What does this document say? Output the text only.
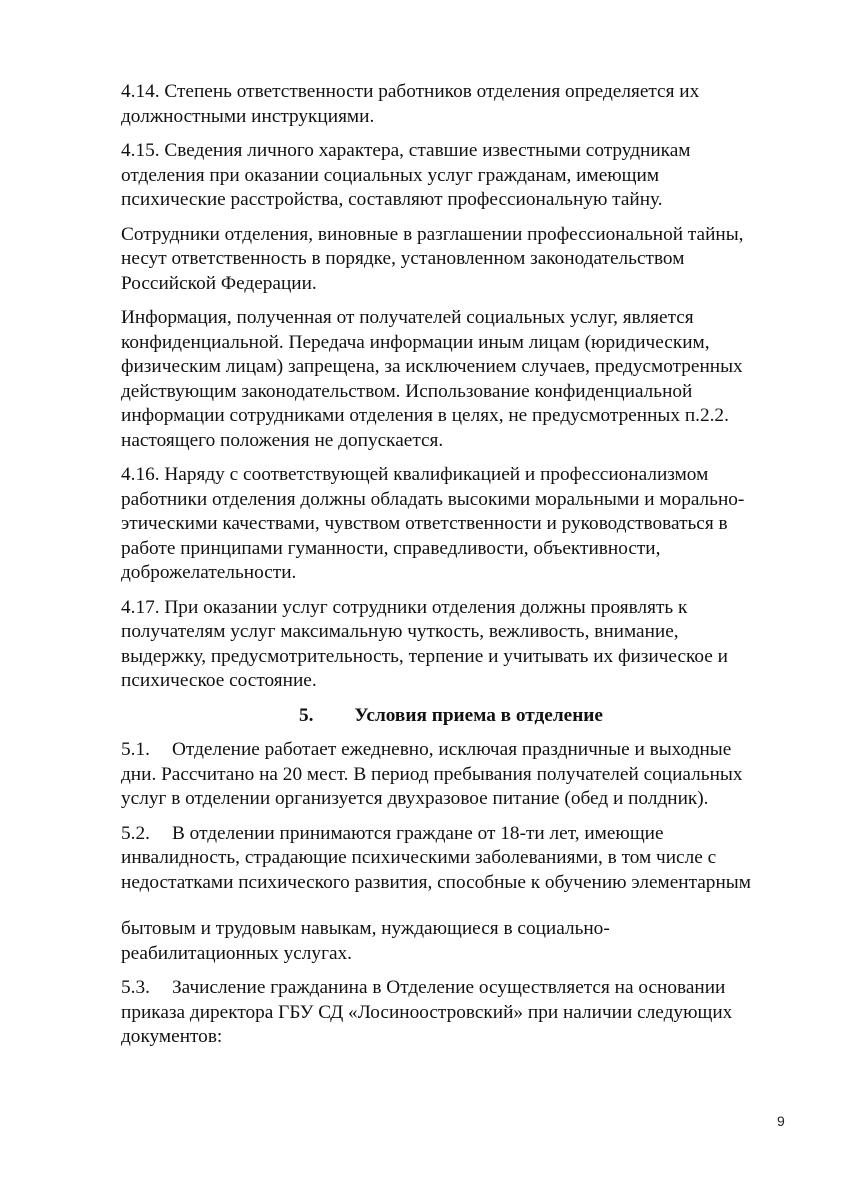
4.14. Степень ответственности работников отделения определяется их
должностными инструкциями.

4.15. Сведения личного характера, ставшие известными сотрудникам
отделения при оказании социальных услуг гражданам, имеющим
психические расстройства, составляют профессиональную тайну.

Сотрудники отделения, виновные в разглашении профессиональной тайны,
несут ответственность в порядке, установленном законодательством
Российской Федерации.

Информация, полученная от получателей социальных услуг, является
конфиденциальной. Передача информации иным лицам (юридическим,
физическим лицам) запрещена, за исключением случаев, предусмотренных
действующим законодательством. Использование конфиденциальной
информации сотрудниками отделения в целях, не предусмотренных п.2.2.
настоящего положения не допускается.

4.16. Наряду с соответствующей квалификацией и профессионализмом
работники отделения должны обладать высокими моральными и морально-
этическими качествами, чувством ответственности и руководствоваться в
работе принципами гуманности, справедливости, объективности,
доброжелательности.

4.17. При оказании услуг сотрудники отделения должны проявлять к
получателям услуг максимальную чуткость, вежливость, внимание,
выдержку, предусмотрительность, терпение и учитывать их физическое и
психическое состояние.

5. Условия приема в отделение
5.1. Отделение работает ежедневно, исключая праздничные и выходные
дни. Рассчитано на 20 мест. В период пребывания получателей социальных
услуг в отделении организуется двухразовое питание (обед и полдник).
5.2. В отделении принимаются граждане от 18-ти лет, имеющие
инвалидность, страдающие психическими заболеваниями, в том числе с
недостатками психического развития, способные к обучению элементарным

бытовым и трудовым навыкам, нуждающиеся в социально-
реабилитационных услугах.

5.3. Зачисление гражданина в Отделение осуществляется на основании
приказа директора ГБУ СД «Лосиноостровский» при наличии следующих
документов:
9
